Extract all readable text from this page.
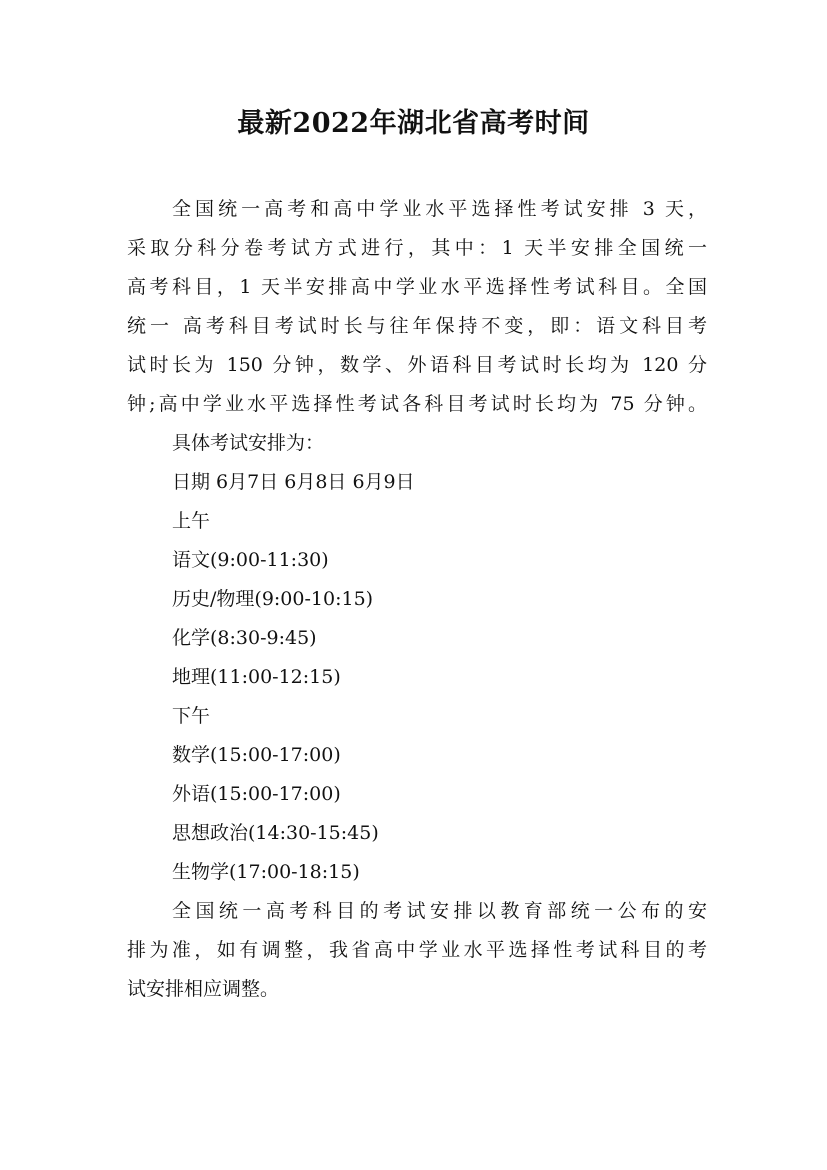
最新2022年湖北省高考时间
全国统一高考和高中学业水平选择性考试安排 3 天，
采取分科分卷考试方式进行，其中：1 天半安排全国统一
高考科目，1 天半安排高中学业水平选择性考试科目。全国
统一 高考科目考试时长与往年保持不变，即：语文科目考
试时长为 150 分钟，数学、外语科目考试时长均为 120 分
钟;高中学业水平选择性考试各科目考试时长均为 75 分钟。
具体考试安排为：
日期 6月7日 6月8日 6月9日
上午
语文(9:00-11:30)
历史/物理(9:00-10:15)
化学(8:30-9:45)
地理(11:00-12:15)
下午
数学(15:00-17:00)
外语(15:00-17:00)
思想政治(14:30-15:45)
生物学(17:00-18:15)
全国统一高考科目的考试安排以教育部统一公布的安
排为准，如有调整，我省高中学业水平选择性考试科目的考
试安排相应调整。
